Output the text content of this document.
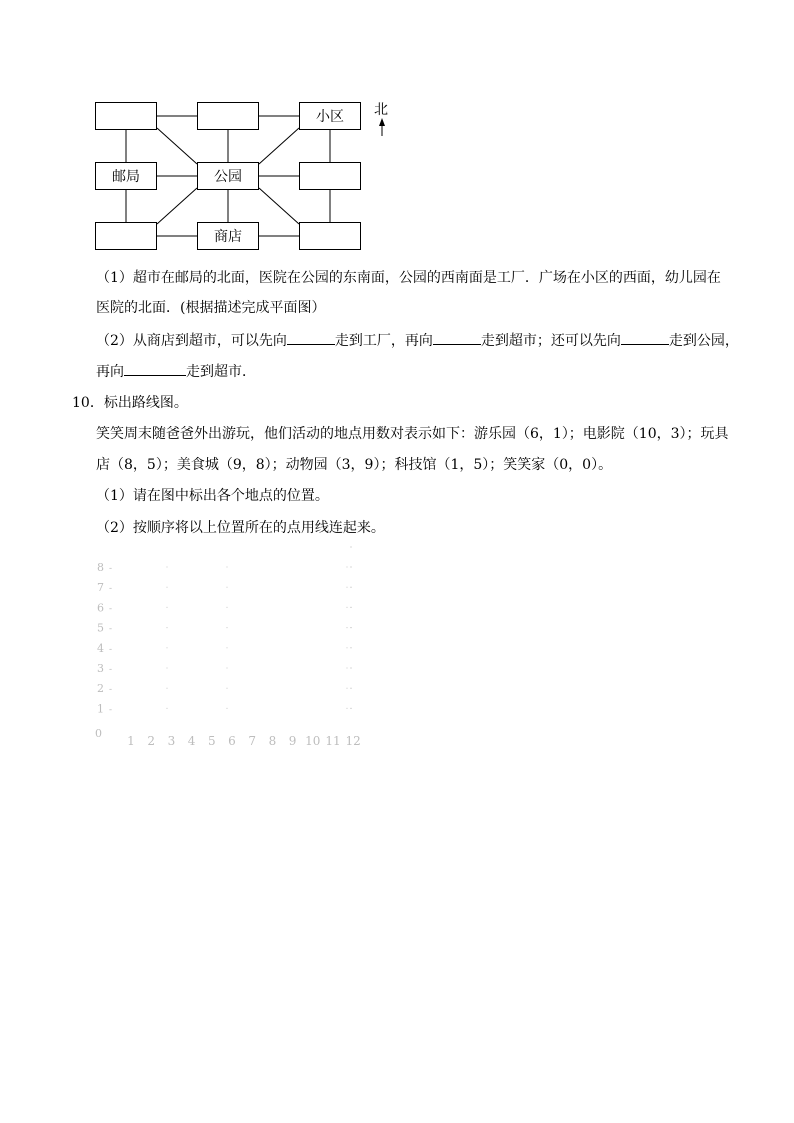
小区
邮局	公园
商店
北
（1）超市在邮局的北面，医院在公园的东南面，公园的西南面是工厂．广场在小区的西面，幼儿园在
医院的北面．(根据描述完成平面图）
（2）从商店到超市，可以先向	走到工厂，再向	走到超市；还可以先向	走到公园，
再向	走到超市．
10．标出路线图。
笑笑周末随爸爸外出游玩，他们活动的地点用数对表示如下：游乐园（6，1）；电影院（10，3）；玩具
店（8，5）；美食城（9，8）；动物园（3，9）；科技馆（1，5）；笑笑家（0，0）。
（1）请在图中标出各个地点的位置。
（2）按顺序将以上位置所在的点用线连起来。
8 -
7 -
6 -
5 -
4 -
3 -
2 -
1 -
0
1 2 3 4 5 6 7 8 9 10 11 12
